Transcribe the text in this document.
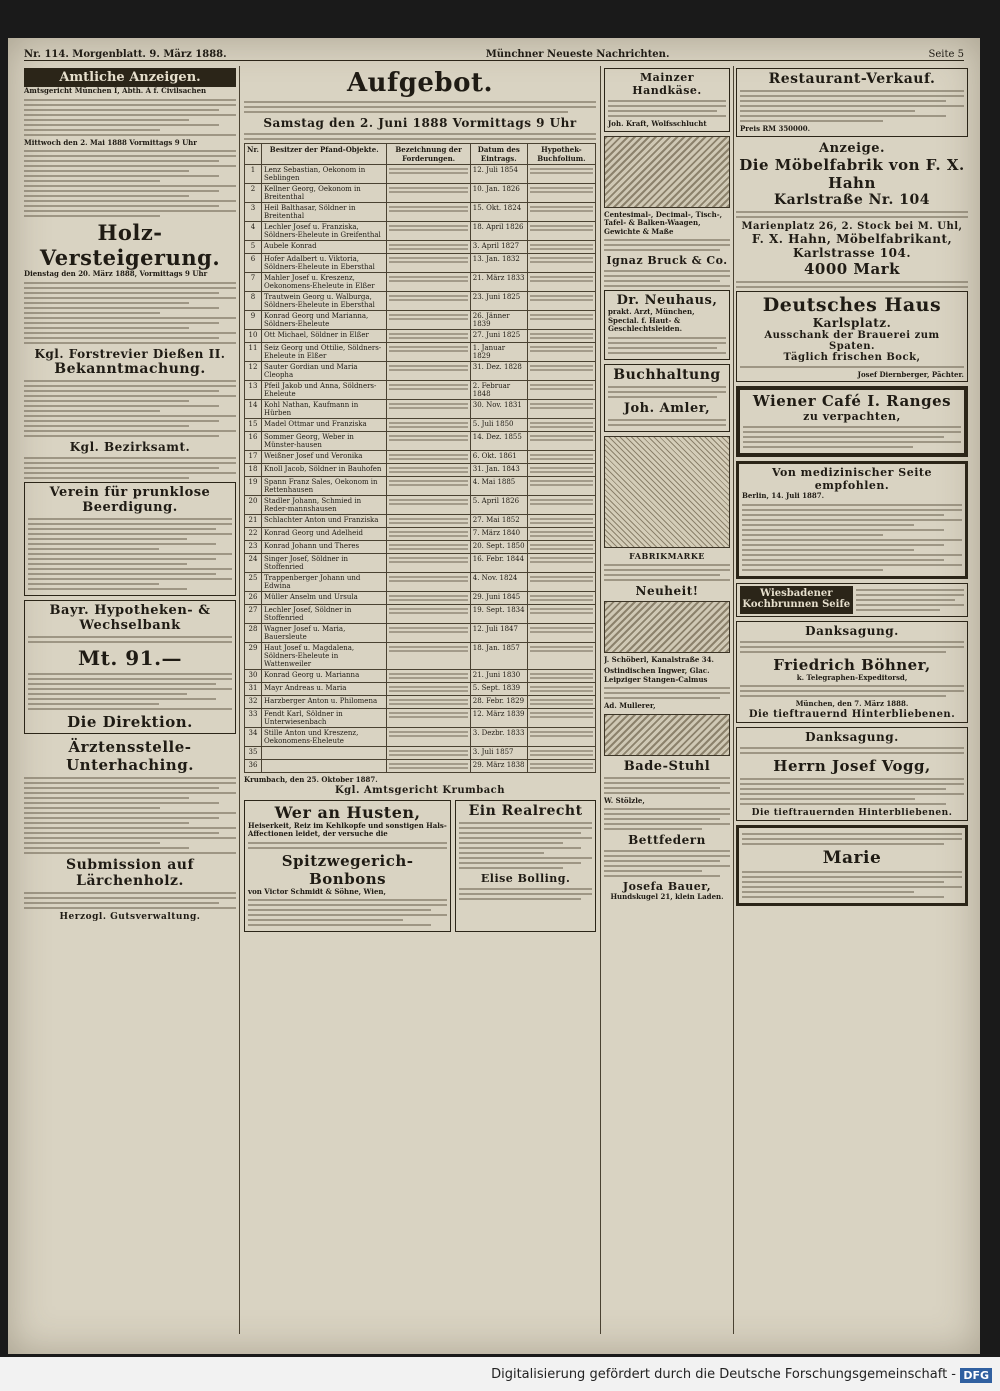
Nr. 114. Morgenblatt. 9. März 1888.	Münchner Neueste Nachrichten.	Seite 5
Amtliche Anzeigen.
Amtsgericht München I, Abth. A f. Civilsachen
Mittwoch den 2. Mai 1888 Vormittags 9 Uhr
Holz-Versteigerung.
Dienstag den 20. März 1888, Vormittags 9 Uhr
Kgl. Forstrevier Dießen II.
Bekanntmachung.
Kgl. Bezirksamt.
Verein für prunklose Beerdigung.
Bayr. Hypotheken- & Wechselbank
Mt. 91.—
Die Direktion.
Ärztensstelle-Unterhaching.
Submission auf Lärchenholz.
Herzogl. Gutsverwaltung.
Aufgebot.
Samstag den 2. Juni 1888 Vormittags 9 Uhr
Nr.	Besitzer der Pfand-Objekte.	Bezeichnung der Forderungen.	Datum des Eintrags.	Hypothek-Buchfolium.
1	Lenz Sebastian, Oekonom in Seblingen		12. Juli 1854	

2	Kellner Georg, Oekonom in Breitenthal		10. Jan. 1826	

3	Heil Balthasar, Söldner in Breitenthal		15. Okt. 1824	

4	Lechler Josef u. Franziska, Söldners-Eheleute in Greifenthal		18. April 1826	

5	Aubele Konrad		3. April 1827	

6	Hofer Adalbert u. Viktoria, Söldners-Eheleute in Ebersthal		13. Jan. 1832	

7	Mahler Josef u. Kreszenz, Oekonomens-Eheleute in Elßer		21. März 1833	

8	Trautwein Georg u. Walburga, Söldners-Eheleute in Ebersthal		23. Juni 1825	

9	Konrad Georg und Marianna, Söldners-Eheleute		26. Jänner 1839	

10	Ott Michael, Söldner in Elßer		27. Juni 1825	

11	Seiz Georg und Ottilie, Söldners-Eheleute in Elßer		1. Januar 1829	

12	Sauter Gordian und Maria Cleopha		31. Dez. 1828	

13	Pfeil Jakob und Anna, Söldners-Eheleute		2. Februar 1848	

14	Kohl Nathan, Kaufmann in Hürben		30. Nov. 1831	

15	Madel Ottmar und Franziska		5. Juli 1850	

16	Sommer Georg, Weber in Münster-hausen		14. Dez. 1855	

17	Weißner Josef und Veronika		6. Okt. 1861	

18	Knoll Jacob, Söldner in Bauhofen		31. Jan. 1843	

19	Spann Franz Sales, Oekonom in Rettenhausen		4. Mai 1885	

20	Stadler Johann, Schmied in Reder-mannshausen		5. April 1826	

21	Schlachter Anton und Franziska		27. Mai 1852	

22	Konrad Georg und Adelheid		7. März 1840	

23	Konrad Johann und Theres		20. Sept. 1850	

24	Singer Josef, Söldner in Stoffenried		16. Febr. 1844	

25	Trappenberger Johann und Edwina		4. Nov. 1824	

26	Müller Anselm und Ursula		29. Juni 1845	

27	Lechler Josef, Söldner in Stoffenried		19. Sept. 1834	

28	Wagner Josef u. Maria, Bauersleute		12. Juli 1847	

29	Haut Josef u. Magdalena, Söldners-Eheleute in Wattenweiler		18. Jan. 1857	

30	Konrad Georg u. Marianna		21. Juni 1830	

31	Mayr Andreas u. Maria		5. Sept. 1839	

32	Harzberger Anton u. Philomena		28. Febr. 1829	

33	Fendt Karl, Söldner in Unterwiesenbach		12. März 1839	

34	Stille Anton und Kreszenz, Oekonomens-Eheleute		3. Dezbr. 1833	

35			3. Juli 1857	

36			29. März 1838	
Krumbach, den 25. Oktober 1887.
Kgl. Amtsgericht Krumbach
Wer an Husten,
Heiserkeit, Reiz im Kehlkopfe und sonstigen Hals-Affectionen leidet, der versuche die
Spitzwegerich-Bonbons
von Victor Schmidt & Söhne, Wien,
Ein Realrecht
Elise Bolling.
Mainzer Handkäse.
Joh. Kraft, Wolfsschlucht
Centesimal-, Decimal-, Tisch-, Tafel- & Balken-Waagen, Gewichte & Maße
Ignaz Bruck & Co.
Dr. Neuhaus,
prakt. Arzt, München, Special. f. Haut- & Geschlechtsleiden.
Buchhaltung
Joh. Amler,
FABRIKMARKE
Neuheit!
J. Schöberl, Kanalstraße 34.
Ostindischen Ingwer, Glac. Leipziger Stangen-Calmus
Ad. Mullerer,
Bade-Stuhl
W. Stölzle,
Bettfedern
Josefa Bauer,
Hundskugel 21, klein Laden.
Restaurant-Verkauf.
Preis RM 350000.
Anzeige.
Die Möbelfabrik von F. X. Hahn
Karlstraße Nr. 104
Marienplatz 26, 2. Stock bei M. Uhl,
F. X. Hahn, Möbelfabrikant,
Karlstrasse 104.
4000 Mark
Deutsches Haus
Karlsplatz.
Ausschank der Brauerei zum Spaten.
Täglich frischen Bock,
Josef Diernberger, Pächter.
Wiener Café I. Ranges
zu verpachten,
Von medizinischer Seite empfohlen.
Berlin, 14. Juli 1887.
Wiesbadener Kochbrunnen Seife
Danksagung.
Friedrich Böhner,
k. Telegraphen-Expeditorsd,
München, den 7. März 1888.
Die tieftrauernd Hinterbliebenen.
Danksagung.
Herrn Josef Vogg,
Die tieftrauernden Hinterbliebenen.
Marie
Digitalisierung gefördert durch die Deutsche Forschungsgemeinschaft - DFG
